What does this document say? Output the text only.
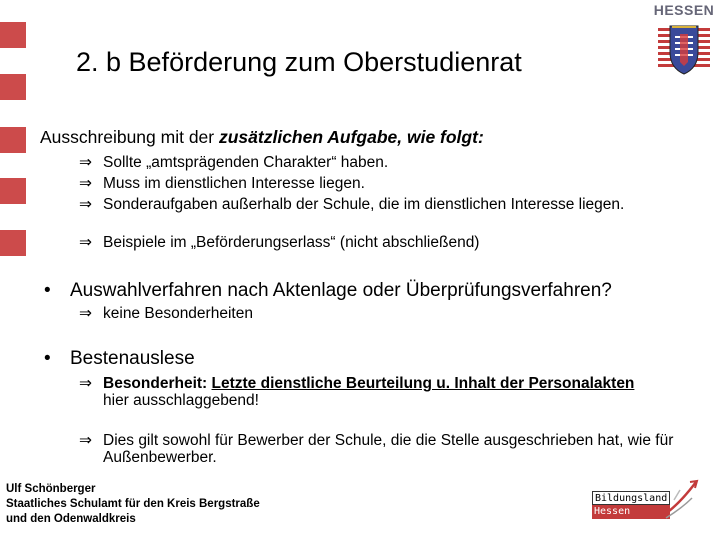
2. b Beförderung zum Oberstudienrat
HESSEN
Ausschreibung mit der zusätzlichen Aufgabe, wie folgt:
⇒ Sollte „amtsprägenden Charakter“ haben.
⇒ Muss im dienstlichen Interesse liegen.
⇒ Sonderaufgaben außerhalb der Schule, die im dienstlichen Interesse liegen.
⇒ Beispiele im „Beförderungserlass“ (nicht abschließend)
• Auswahlverfahren nach Aktenlage oder Überprüfungsverfahren?
⇒ keine Besonderheiten
• Bestenauslese
⇒ Besonderheit: Letzte dienstliche Beurteilung u. Inhalt der Personalakten hier ausschlaggebend!
⇒ Dies gilt sowohl für Bewerber der Schule, die die Stelle ausgeschrieben hat, wie für Außenbewerber.
Ulf Schönberger
Staatliches Schulamt für den Kreis Bergstraße
und den Odenwaldkreis
Bildungsland
Hessen
